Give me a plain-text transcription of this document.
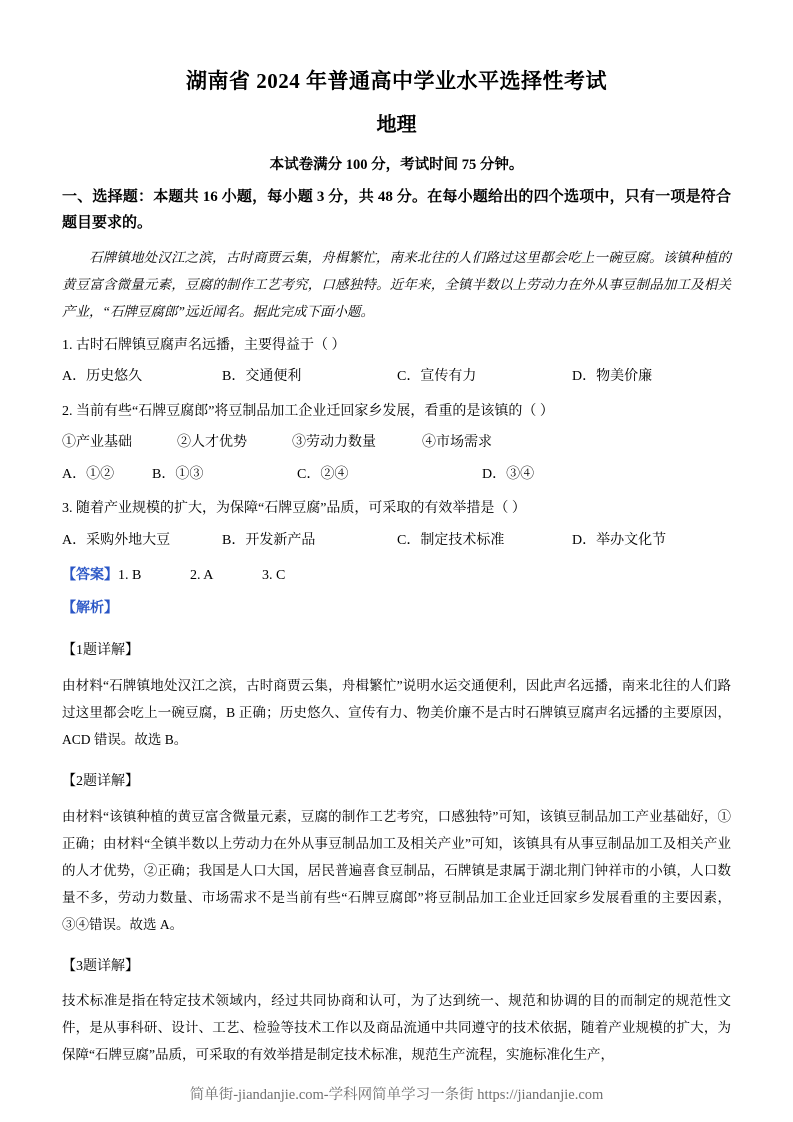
湖南省 2024 年普通高中学业水平选择性考试
地理
本试卷满分 100 分，考试时间 75 分钟。
一、选择题：本题共 16 小题，每小题 3 分，共 48 分。在每小题给出的四个选项中，只有一项是符合题目要求的。
石牌镇地处汉江之滨，古时商贾云集，舟楫繁忙，南来北往的人们路过这里都会吃上一碗豆腐。该镇种植的黄豆富含微量元素，豆腐的制作工艺考究，口感独特。近年来，全镇半数以上劳动力在外从事豆制品加工及相关产业，“石牌豆腐郎”远近闻名。据此完成下面小题。
1. 古时石牌镇豆腐声名远播，主要得益于（ ）
A．历史悠久	B．交通便利	C．宣传有力	D．物美价廉
2. 当前有些“石牌豆腐郎”将豆制品加工企业迁回家乡发展，看重的是该镇的（ ）
①产业基础	②人才优势	③劳动力数量	④市场需求
A．①②	B．①③	C．②④	D．③④
3. 随着产业规模的扩大，为保障“石牌豆腐”品质，可采取的有效举措是（ ）
A．采购外地大豆	B．开发新产品	C．制定技术标准	D．举办文化节
【答案】1. B	2. A	3. C
【解析】
【1题详解】
由材料“石牌镇地处汉江之滨，古时商贾云集，舟楫繁忙”说明水运交通便利，因此声名远播，南来北往的人们路过这里都会吃上一碗豆腐，B 正确；历史悠久、宣传有力、物美价廉不是古时石牌镇豆腐声名远播的主要原因，ACD 错误。故选 B。
【2题详解】
由材料“该镇种植的黄豆富含微量元素，豆腐的制作工艺考究，口感独特”可知，该镇豆制品加工产业基础好，①正确；由材料“全镇半数以上劳动力在外从事豆制品加工及相关产业”可知，该镇具有从事豆制品加工及相关产业的人才优势，②正确；我国是人口大国，居民普遍喜食豆制品，石牌镇是隶属于湖北荆门钟祥市的小镇，人口数量不多，劳动力数量、市场需求不是当前有些“石牌豆腐郎”将豆制品加工企业迁回家乡发展看重的主要因素，③④错误。故选 A。
【3题详解】
技术标准是指在特定技术领域内，经过共同协商和认可，为了达到统一、规范和协调的目的而制定的规范性文件，是从事科研、设计、工艺、检验等技术工作以及商品流通中共同遵守的技术依据，随着产业规模的扩大，为保障“石牌豆腐”品质，可采取的有效举措是制定技术标准，规范生产流程，实施标准化生产，
简单街-jiandanjie.com-学科网简单学习一条街 https://jiandanjie.com
